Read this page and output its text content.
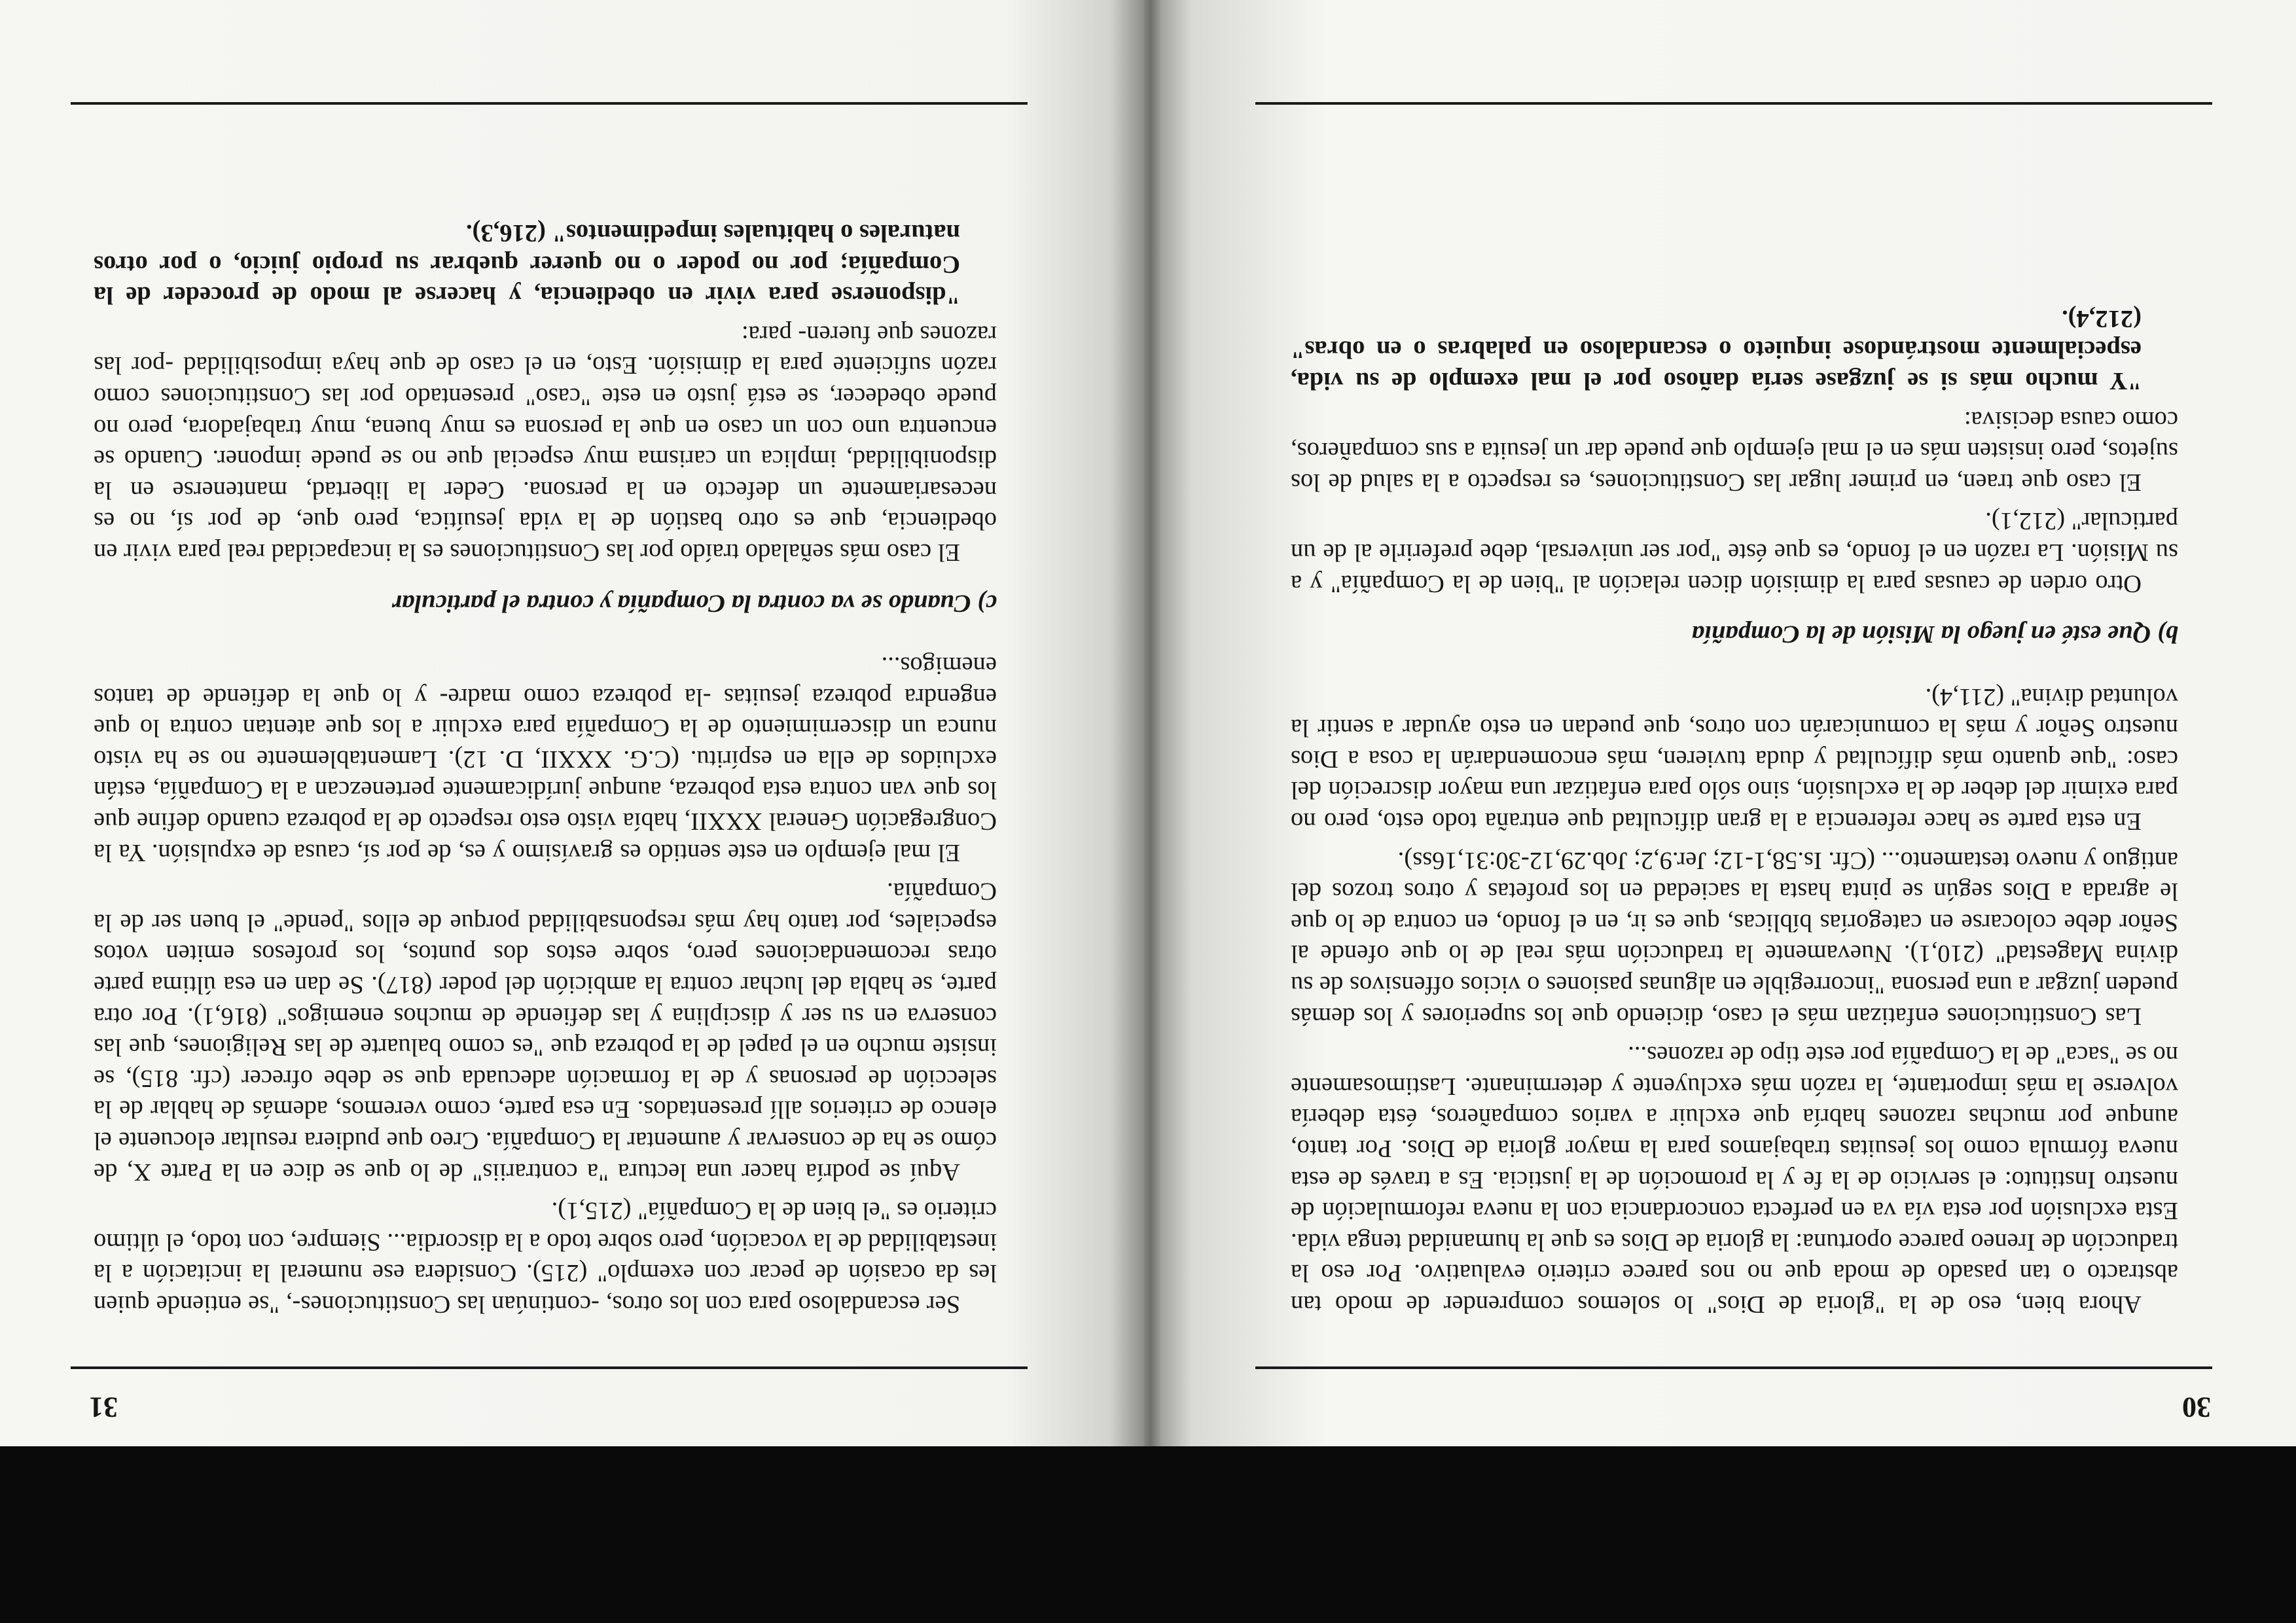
30

Ahora bien, eso de la "gloria de Dios" lo solemos comprender de modo tan abstracto o tan pasado de moda que no nos parece criterio evaluativo. Por eso la traducción de Ireneo parece oportuna: la gloria de Dios es que la humanidad tenga vida. Esta exclusión por esta vía va en perfecta concordancia con la nueva reformulación de nuestro Instituto: el servicio de la fe y la promoción de la justicia. Es a través de esta nueva fórmula como los jesuitas trabajamos para la mayor gloria de Dios. Por tanto, aunque por muchas razones habría que excluir a varios compañeros, ésta debería volverse la más importante, la razón más excluyente y determinante. Lastimosamente no se "saca" de la Compañía por este tipo de razones...

Las Constituciones enfatizan más el caso, diciendo que los superiores y los demás pueden juzgar a una persona "incorregible en algunas pasiones o vicios offensivos de su divina Magestad" (210,1). Nuevamente la traducción más real de lo que ofende al Señor debe colocarse en categorías bíblicas, que es ir, en el fondo, en contra de lo que le agrada a Dios según se pinta hasta la saciedad en los profetas y otros trozos del antiguo y nuevo testamento... (Cfr. Is.58,1-12; Jer.9,2; Job.29,12-30:31,16ss).

En esta parte se hace referencia a la gran dificultad que entraña todo esto, pero no para eximir del deber de la exclusión, sino sólo para enfatizar una mayor discreción del caso: "que quanto más difícultad y duda tuvieren, más encomendarán la cosa a Dios nuestro Señor y más la comunicarán con otros, que puedan en esto ayudar a sentir la voluntad divina" (211,4).

b) Que esté en juego la Misión de la Compañía

Otro orden de causas para la dimisión dicen relación al "bien de la Compañía" y a su Misión. La razón en el fondo, es que éste "por ser universal, debe preferirle al de un particular" (212,1).

El caso que traen, en primer lugar las Constituciones, es respecto a la salud de los sujetos, pero insisten más en el mal ejemplo que puede dar un jesuita a sus compañeros, como causa decisiva:

"Y mucho más si se juzgase sería dañoso por el mal exemplo de su vida, especialmente mostrándose inquieto o escandaloso en palabras o en obras" (212,4).

31

Ser escandaloso para con los otros, -continúan las Constituciones-, "se entiende quien les da ocasión de pecar con exemplo" (215). Considera ese numeral la incitación a la inestabilidad de la vocación, pero sobre todo a la discordia... Siempre, con todo, el último criterio es "el bien de la Compañía" (215,1).

Aquí se podría hacer una lectura "a contrariis" de lo que se dice en la Parte X, de cómo se ha de conservar y aumentar la Compañía. Creo que pudiera resultar elocuente el elenco de criterios allí presentados. En esa parte, como veremos, además de hablar de la selección de personas y de la formación adecuada que se debe ofrecer (cfr. 815), se insiste mucho en el papel de la pobreza que "es como baluarte de las Religiones, que las conserva en su ser y disciplina y las defiende de muchos enemigos" (816,1). Por otra parte, se habla del luchar contra la ambición del poder (817). Se dan en esa última parte otras recomendaciones pero, sobre estos dos puntos, los profesos emiten votos especiales, por tanto hay más responsabilidad porque de ellos "pende" el buen ser de la Compañía.

El mal ejemplo en este sentido es gravísimo y es, de por sí, causa de expulsión. Ya la Congregación General XXXII, había visto esto respecto de la pobreza cuando define que los que van contra esta pobreza, aunque jurídicamente pertenezcan a la Compañía, están excluidos de ella en espíritu. (C.G. XXXII, D. 12). Lamentablemente no se ha visto nunca un discernimiento de la Compañía para excluir a los que atentan contra lo que engendra pobreza jesuitas -la pobreza como madre- y lo que la defiende de tantos enemigos...

c) Cuando se va contra la Compañía y contra el particular

El caso más señalado traído por las Constituciones es la incapacidad real para vivir en obediencia, que es otro bastión de la vida jesuítica, pero que, de por sí, no es necesariamente un defecto en la persona. Ceder la libertad, mantenerse en la disponibilidad, implica un carisma muy especial que no se puede imponer. Cuando se encuentra uno con un caso en que la persona es muy buena, muy trabajadora, pero no puede obedecer, se está justo en este "caso" presentado por las Constituciones como razón suficiente para la dimisión. Esto, en el caso de que haya imposibilidad -por las razones que fueren- para:

"disponerse para vivir en obediencia, y hacerse al modo de proceder de la Compañía; por no poder o no querer quebrar su propio juicio, o por otros naturales o habituales impedimentos" (216,3).
